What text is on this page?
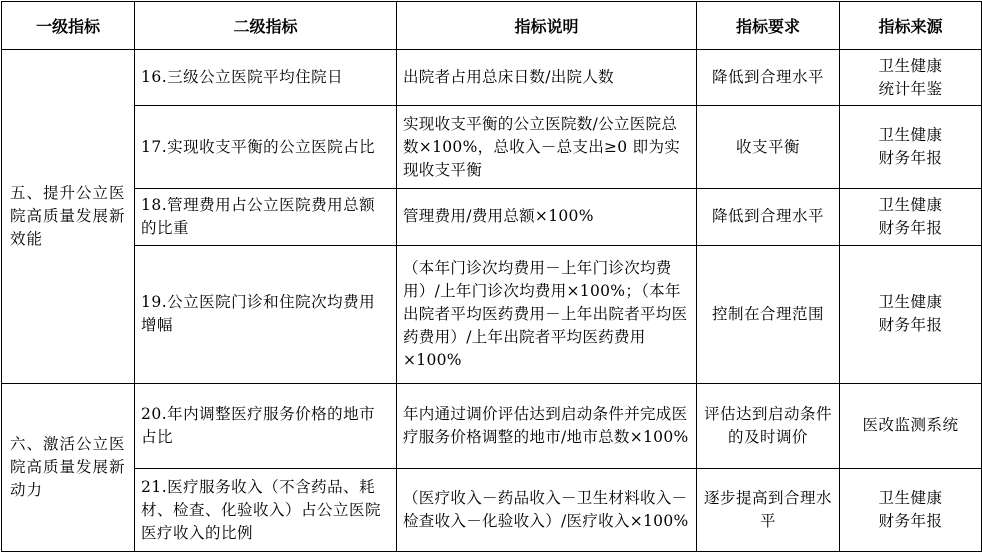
一级指标	二级指标	指标说明	指标要求	指标来源
五、提升公立医院高质量发展新效能	16.三级公立医院平均住院日	出院者占用总床日数/出院人数	降低到合理水平	卫生健康
统计年鉴
	17.实现收支平衡的公立医院占比	实现收支平衡的公立医院数/公立医院总数×100%，总收入－总支出≥0 即为实现收支平衡	收支平衡	卫生健康
财务年报
	18.管理费用占公立医院费用总额的比重	管理费用/费用总额×100%	降低到合理水平	卫生健康
财务年报
	19.公立医院门诊和住院次均费用增幅	（本年门诊次均费用－上年门诊次均费用）/上年门诊次均费用×100%；（本年出院者平均医药费用－上年出院者平均医药费用）/上年出院者平均医药费用×100%	控制在合理范围	卫生健康
财务年报
六、激活公立医院高质量发展新动力	20.年内调整医疗服务价格的地市占比	年内通过调价评估达到启动条件并完成医疗服务价格调整的地市/地市总数×100%	评估达到启动条件的及时调价	医改监测系统
	21.医疗服务收入（不含药品、耗材、检查、化验收入）占公立医院医疗收入的比例	（医疗收入－药品收入－卫生材料收入－检查收入－化验收入）/医疗收入×100%	逐步提高到合理水平	卫生健康
财务年报
